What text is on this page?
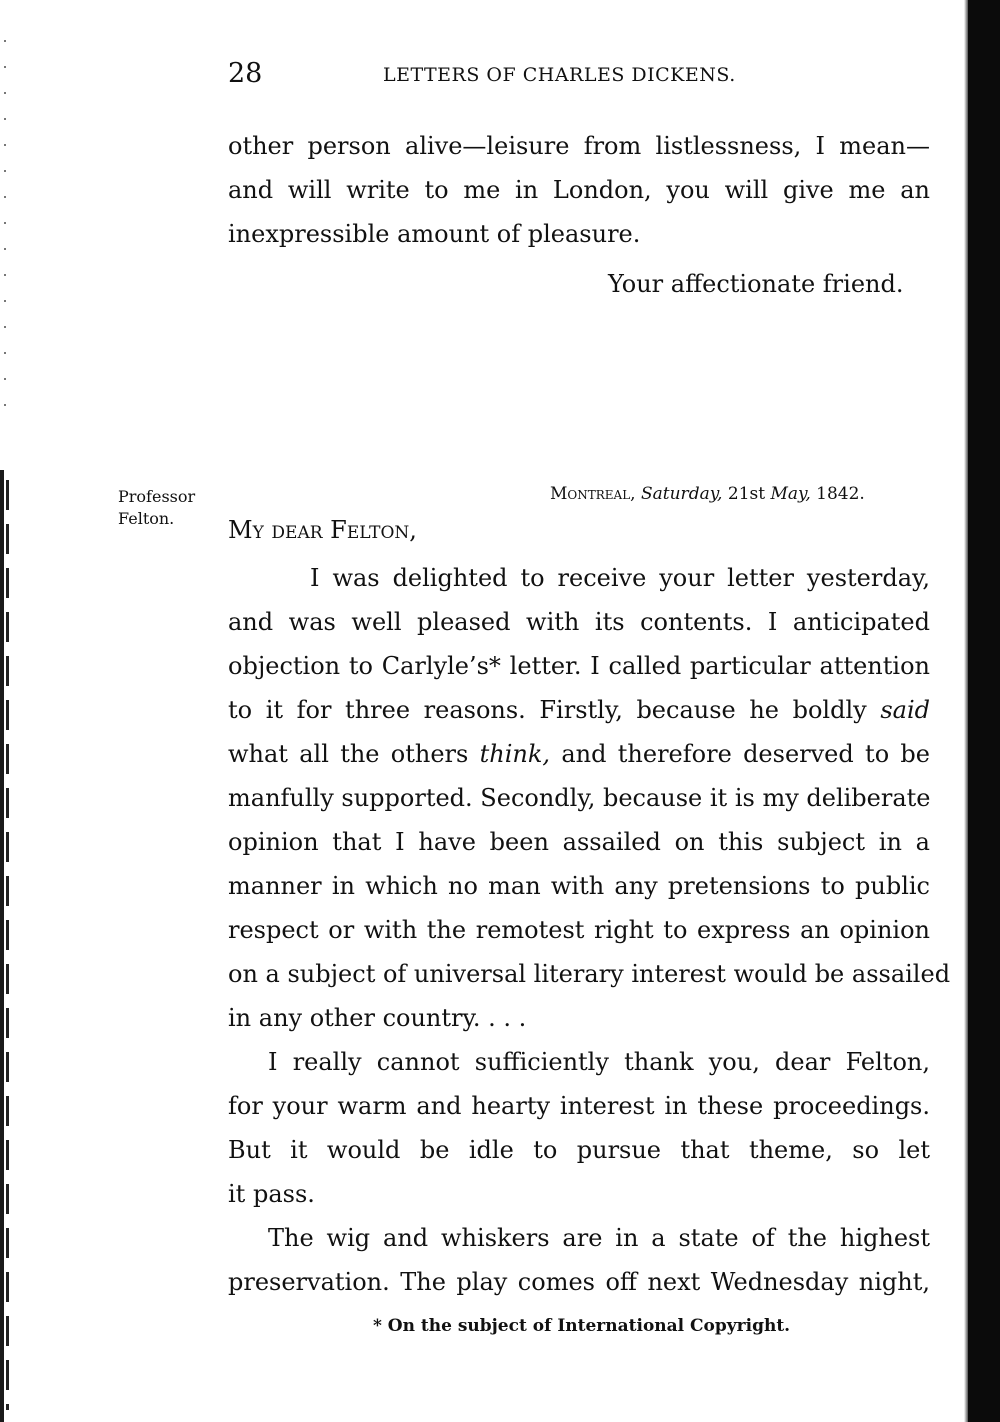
28	LETTERS OF CHARLES DICKENS.
other person alive—leisure from listlessness, I mean—
and will write to me in London, you will give me an
inexpressible amount of pleasure.
Your affectionate friend.
Professor
Felton.
Montreal, Saturday, 21st May, 1842.
My dear Felton,
I was delighted to receive your letter yesterday,
and was well pleased with its contents. I anticipated
objection to Carlyle’s* letter. I called particular attention
to it for three reasons. Firstly, because he boldly said
what all the others think, and therefore deserved to be
manfully supported. Secondly, because it is my deliberate
opinion that I have been assailed on this subject in a
manner in which no man with any pretensions to public
respect or with the remotest right to express an opinion
on a subject of universal literary interest would be assailed
in any other country. . . .
I really cannot sufficiently thank you, dear Felton,
for your warm and hearty interest in these proceedings.
But it would be idle to pursue that theme, so let
it pass.
The wig and whiskers are in a state of the highest
preservation. The play comes off next Wednesday night,
* On the subject of International Copyright.
